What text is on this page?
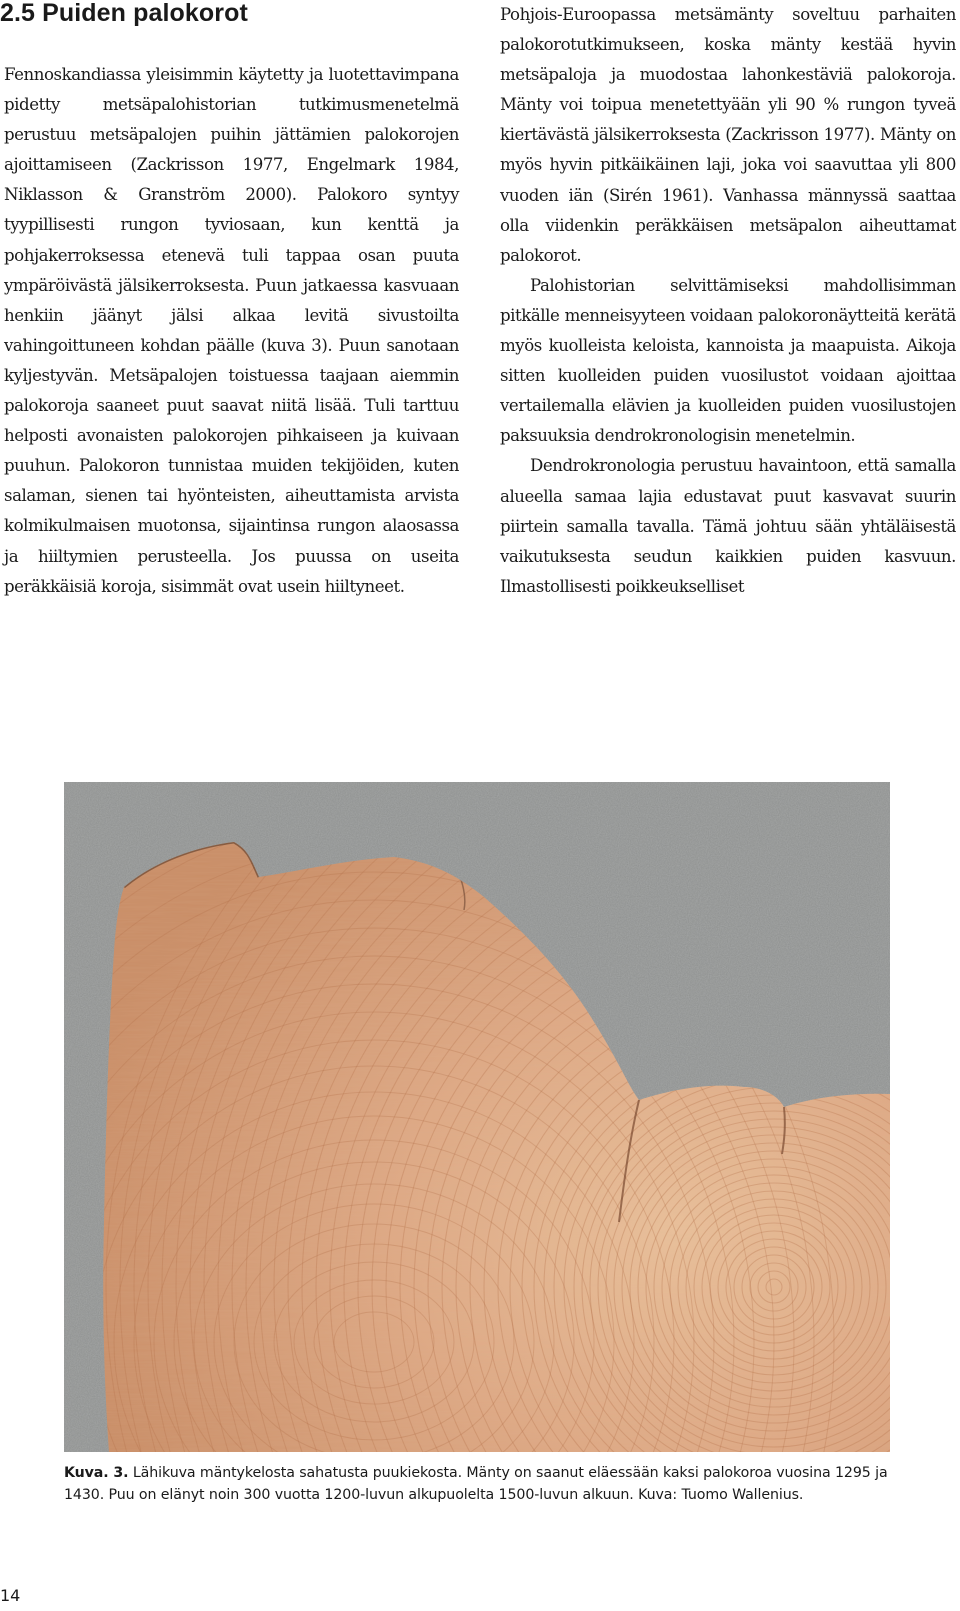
2.5 Puiden palokorot

Fennoskandiassa yleisimmin käytetty ja luotettavimpana pidetty metsäpalohistorian tutkimusmenetelmä perustuu metsäpalojen puihin jättämien palokorojen ajoittamiseen (Zackrisson 1977, Engelmark 1984, Niklasson & Granström 2000). Palokoro syntyy tyypillisesti rungon tyviosaan, kun kenttä ja pohjakerroksessa etenevä tuli tappaa osan puuta ympäröivästä jälsikerroksesta. Puun jatkaessa kasvuaan henkiin jäänyt jälsi alkaa levitä sivustoilta vahingoittuneen kohdan päälle (kuva 3). Puun sanotaan kyljestyvän. Metsäpalojen toistuessa taajaan aiemmin palokoroja saaneet puut saavat niitä lisää. Tuli tarttuu helposti avonaisten palokorojen pihkaiseen ja kuivaan puuhun. Palokoron tunnistaa muiden tekijöiden, kuten salaman, sienen tai hyönteisten, aiheuttamista arvista kolmikulmaisen muotonsa, sijaintinsa rungon alaosassa ja hiiltymien perusteella. Jos puussa on useita peräkkäisiä koroja, sisimmät ovat usein hiiltyneet.

Pohjois-Euroopassa metsämänty soveltuu parhaiten palokorotutkimukseen, koska mänty kestää hyvin metsäpaloja ja muodostaa lahonkestäviä palokoroja. Mänty voi toipua menetettyään yli 90 % rungon tyveä kiertävästä jälsikerroksesta (Zackrisson 1977). Mänty on myös hyvin pitkäikäinen laji, joka voi saavuttaa yli 800 vuoden iän (Sirén 1961). Vanhassa männyssä saattaa olla viidenkin peräkkäisen metsäpalon aiheuttamat palokorot.

Palohistorian selvittämiseksi mahdollisimman pitkälle menneisyyteen voidaan palokoronäytteitä kerätä myös kuolleista keloista, kannoista ja maapuista. Aikoja sitten kuolleiden puiden vuosilustot voidaan ajoittaa vertailemalla elävien ja kuolleiden puiden vuosilustojen paksuuksia dendrokronologisin menetelmin.

Dendrokronologia perustuu havaintoon, että samalla alueella samaa lajia edustavat puut kasvavat suurin piirtein samalla tavalla. Tämä johtuu sään yhtäläisestä vaikutuksesta seudun kaikkien puiden kasvuun. Ilmastollisesti poikkeukselliset

Kuva. 3. Lähikuva mäntykelosta sahatusta puukiekosta. Mänty on saanut eläessään kaksi palokoroa vuosina 1295 ja 1430. Puu on elänyt noin 300 vuotta 1200-luvun alkupuolelta 1500-luvun alkuun. Kuva: Tuomo Wallenius.
14
